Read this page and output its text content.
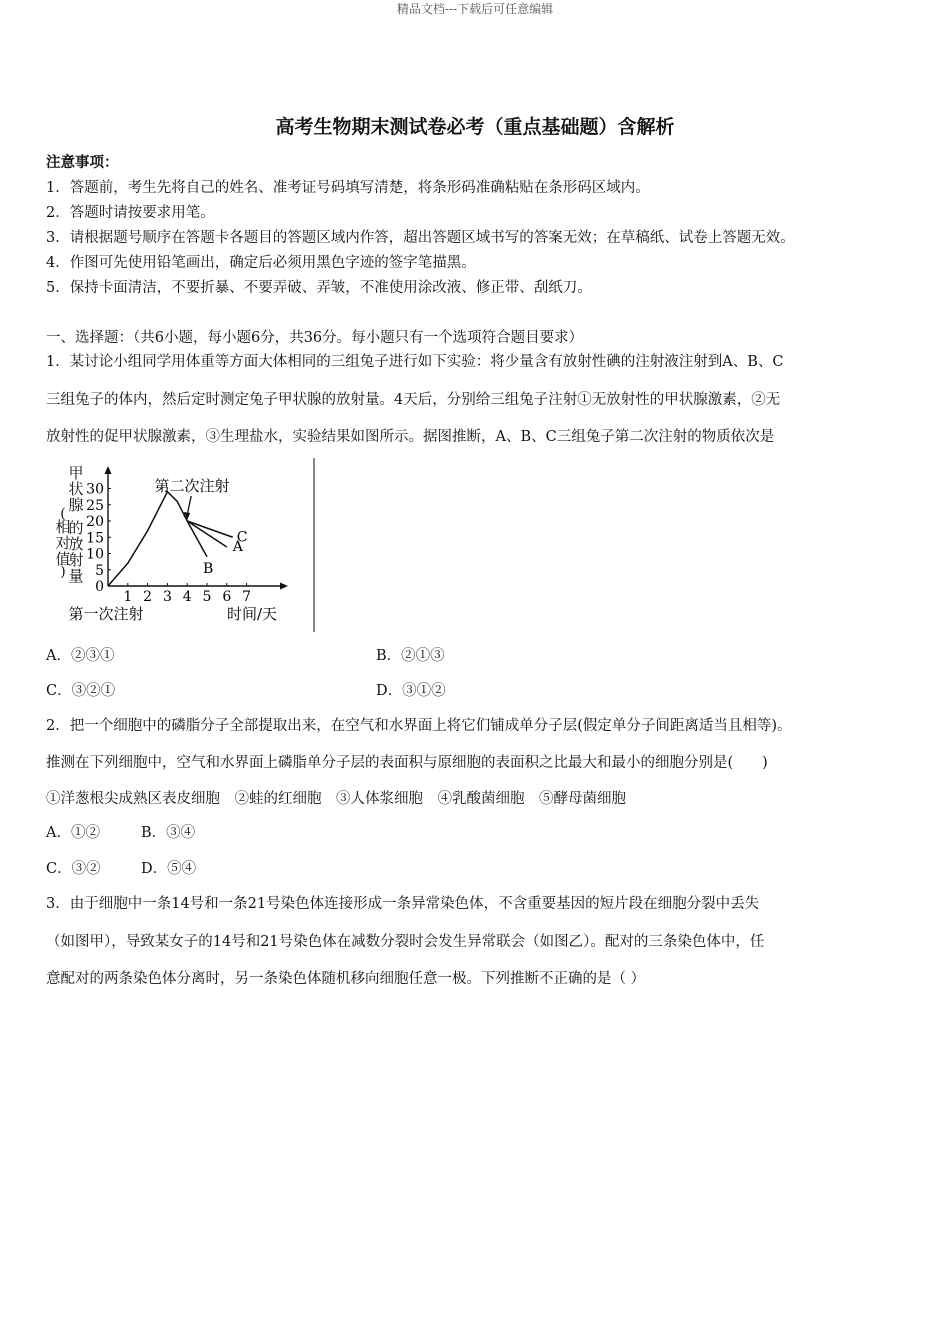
精品文档---下载后可任意编辑
高考生物期末测试卷必考（重点基础题）含解析
注意事项：
1．答题前，考生先将自己的姓名、准考证号码填写清楚，将条形码准确粘贴在条形码区域内。
2．答题时请按要求用笔。
3．请根据题号顺序在答题卡各题目的答题区域内作答，超出答题区域书写的答案无效；在草稿纸、试卷上答题无效。
4．作图可先使用铅笔画出，确定后必须用黑色字迹的签字笔描黑。
5．保持卡面清洁，不要折暴、不要弄破、弄皱，不准使用涂改液、修正带、刮纸刀。
一、选择题：（共6小题，每小题6分，共36分。每小题只有一个选项符合题目要求）
1．某讨论小组同学用体重等方面大体相同的三组兔子进行如下实验：将少量含有放射性碘的注射液注射到A、B、C
三组兔子的体内，然后定时测定兔子甲状腺的放射量。4天后，分别给三组兔子注射①无放射性的甲状腺激素，②无
放射性的促甲状腺激素，③生理盐水，实验结果如图所示。据图推断，A、B、C三组兔子第二次注射的物质依次是
甲
状
腺
(
相
对
值
)
的
放
射
量
0
5
10
15
20
25
30
1 2 3 4 5 6 7
A
B
C
第二次注射
第一次注射	时间/天
A．②③①	B．②①③
C．③②①	D．③①②
2．把一个细胞中的磷脂分子全部提取出来，在空气和水界面上将它们铺成单分子层(假定单分子间距离适当且相等)。
推测在下列细胞中，空气和水界面上磷脂单分子层的表面积与原细胞的表面积之比最大和最小的细胞分别是(　　)
①洋葱根尖成熟区表皮细胞　②蛙的红细胞　③人体浆细胞　④乳酸菌细胞　⑤酵母菌细胞
A．①②	B．③④
C．③②	D．⑤④
3．由于细胞中一条14号和一条21号染色体连接形成一条异常染色体，不含重要基因的短片段在细胞分裂中丢失
（如图甲），导致某女子的14号和21号染色体在减数分裂时会发生异常联会（如图乙）。配对的三条染色体中，任
意配对的两条染色体分离时，另一条染色体随机移向细胞任意一极。下列推断不正确的是（ ）
